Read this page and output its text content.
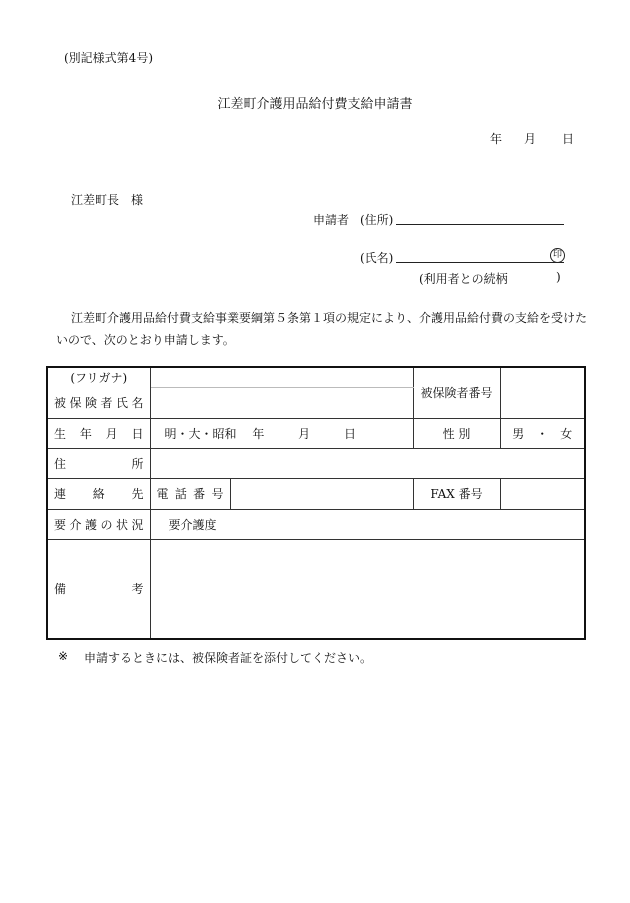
(別記様式第4号)
江差町介護用品給付費支給申請書
年 月 日
江差町長　様
申請者 (住所)
(氏名)	印
(利用者との続柄	)
江差町介護用品給付費支給事業要綱第５条第１項の規定により、介護用品給付費の支給を受けた
いので、次のとおり申請します。
(フリガナ)			被保険者番号	
被保険者氏名				
生年月日	明・大・昭和 年 月 日		性 別	男　・　女
住所				
連絡先	電話番号		FAX 番号	
要介護の状況	要介護度			
備考				
※ 申請するときには、被保険者証を添付してください。
